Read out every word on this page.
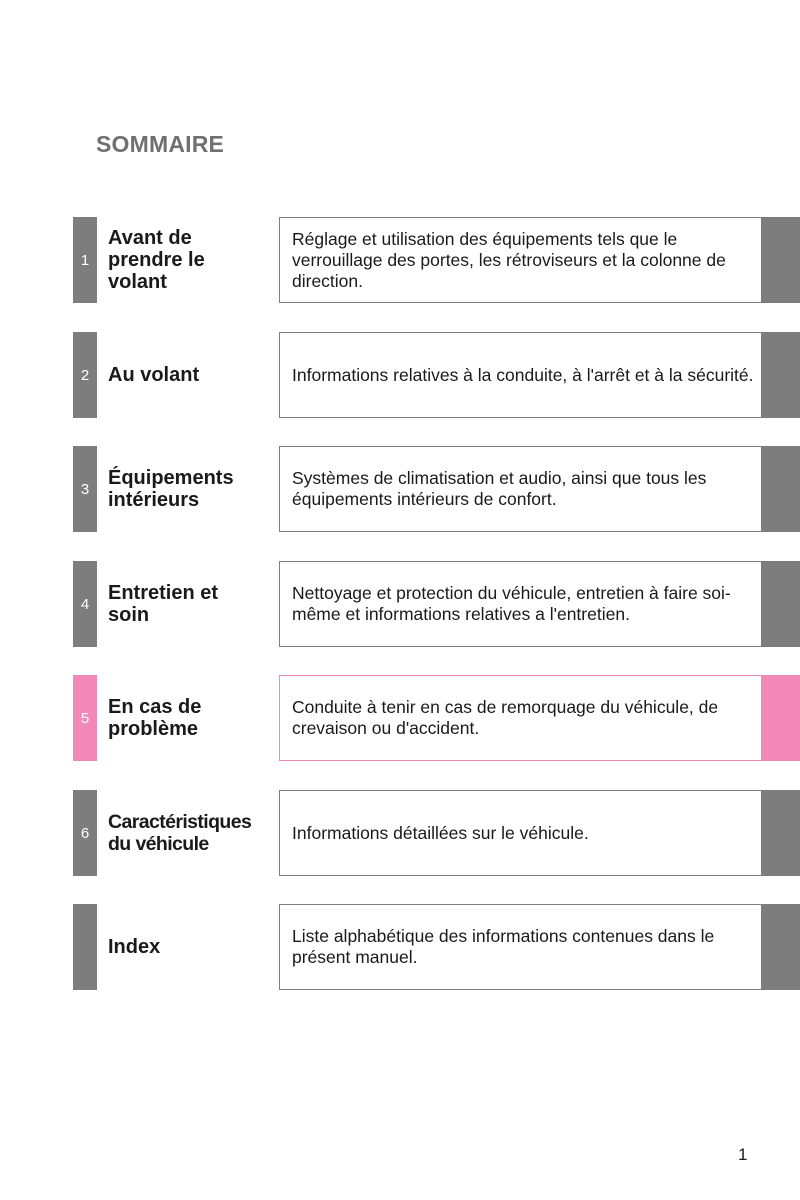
SOMMAIRE
1
Avant de prendre le volant
Réglage et utilisation des équipements tels que le verrouillage des portes, les rétroviseurs et la colonne de direction.
2 Au volant	Informations relatives à la conduite, à l'arrêt et à la sécurité.
3 Équipements intérieurs
Systèmes de climatisation et audio, ainsi que tous les équipements intérieurs de confort.
4 Entretien et soin
Nettoyage et protection du véhicule, entretien à faire soi-même et informations relatives a l'entretien.
5 En cas de problème
Conduite à tenir en cas de remorquage du véhicule, de crevaison ou d'accident.
6 Caractéristiques du véhicule
Informations détaillées sur le véhicule.
Index	Liste alphabétique des informations contenues dans le présent manuel.
1
